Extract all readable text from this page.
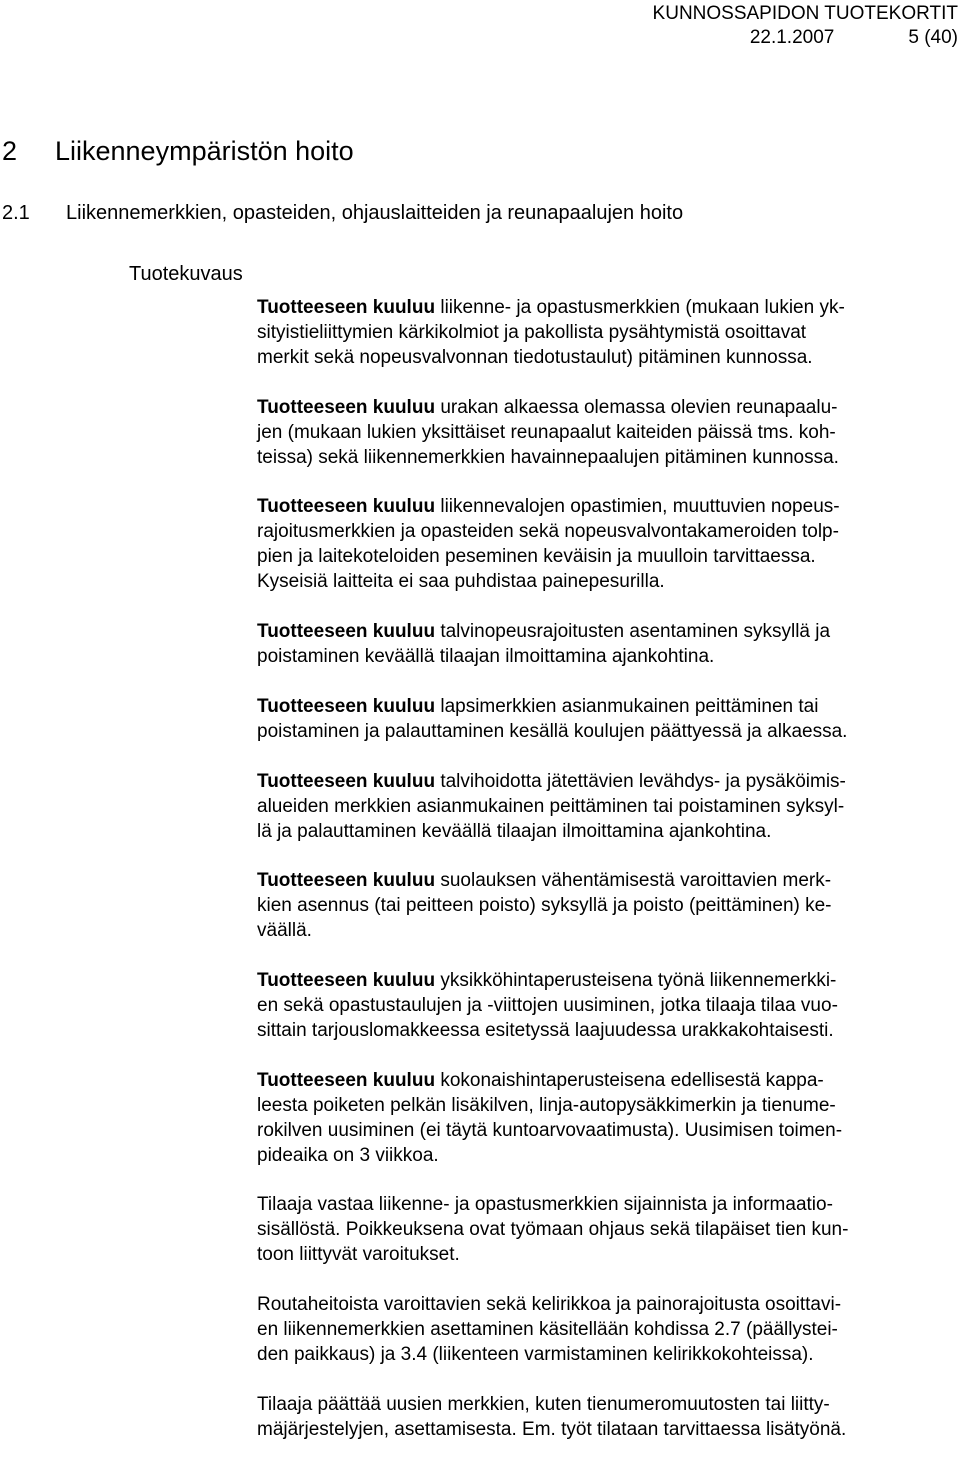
KUNNOSSAPIDON TUOTEKORTIT
22.1.2007	5 (40)
2 Liikenneympäristön hoito
2.1 Liikennemerkkien, opasteiden, ohjauslaitteiden ja reunapaalujen hoito
Tuotekuvaus
Tuotteeseen kuuluu liikenne- ja opastusmerkkien (mukaan lukien yk-
sityistieliittymien kärkikolmiot ja pakollista pysähtymistä osoittavat
merkit sekä nopeusvalvonnan tiedotustaulut) pitäminen kunnossa.
Tuotteeseen kuuluu urakan alkaessa olemassa olevien reunapaalu-
jen (mukaan lukien yksittäiset reunapaalut kaiteiden päissä tms. koh-
teissa) sekä liikennemerkkien havainnepaalujen pitäminen kunnossa.
Tuotteeseen kuuluu liikennevalojen opastimien, muuttuvien nopeus-
rajoitusmerkkien ja opasteiden sekä nopeusvalvontakameroiden tolp-
pien ja laitekoteloiden peseminen keväisin ja muulloin tarvittaessa.
Kyseisiä laitteita ei saa puhdistaa painepesurilla.
Tuotteeseen kuuluu talvinopeusrajoitusten asentaminen syksyllä ja
poistaminen keväällä tilaajan ilmoittamina ajankohtina.
Tuotteeseen kuuluu lapsimerkkien asianmukainen peittäminen tai
poistaminen ja palauttaminen kesällä koulujen päättyessä ja alkaessa.
Tuotteeseen kuuluu talvihoidotta jätettävien levähdys- ja pysäköimis-
alueiden merkkien asianmukainen peittäminen tai poistaminen syksyl-
lä ja palauttaminen keväällä tilaajan ilmoittamina ajankohtina.
Tuotteeseen kuuluu suolauksen vähentämisestä varoittavien merk-
kien asennus (tai peitteen poisto) syksyllä ja poisto (peittäminen) ke-
väällä.
Tuotteeseen kuuluu yksikköhintaperusteisena työnä liikennemerkki-
en sekä opastustaulujen ja -viittojen uusiminen, jotka tilaaja tilaa vuo-
sittain tarjouslomakkeessa esitetyssä laajuudessa urakkakohtaisesti.
Tuotteeseen kuuluu kokonaishintaperusteisena edellisestä kappa-
leesta poiketen pelkän lisäkilven, linja-autopysäkkimerkin ja tienume-
rokilven uusiminen (ei täytä kuntoarvovaatimusta). Uusimisen toimen-
pideaika on 3 viikkoa.
Tilaaja vastaa liikenne- ja opastusmerkkien sijainnista ja informaatio-
sisällöstä. Poikkeuksena ovat työmaan ohjaus sekä tilapäiset tien kun-
toon liittyvät varoitukset.
Routaheitoista varoittavien sekä kelirikkoa ja painorajoitusta osoittavi-
en liikennemerkkien asettaminen käsitellään kohdissa 2.7 (päällystei-
den paikkaus) ja 3.4 (liikenteen varmistaminen kelirikkokohteissa).
Tilaaja päättää uusien merkkien, kuten tienumeromuutosten tai liitty-
mäjärjestelyjen, asettamisesta. Em. työt tilataan tarvittaessa lisätyönä.
